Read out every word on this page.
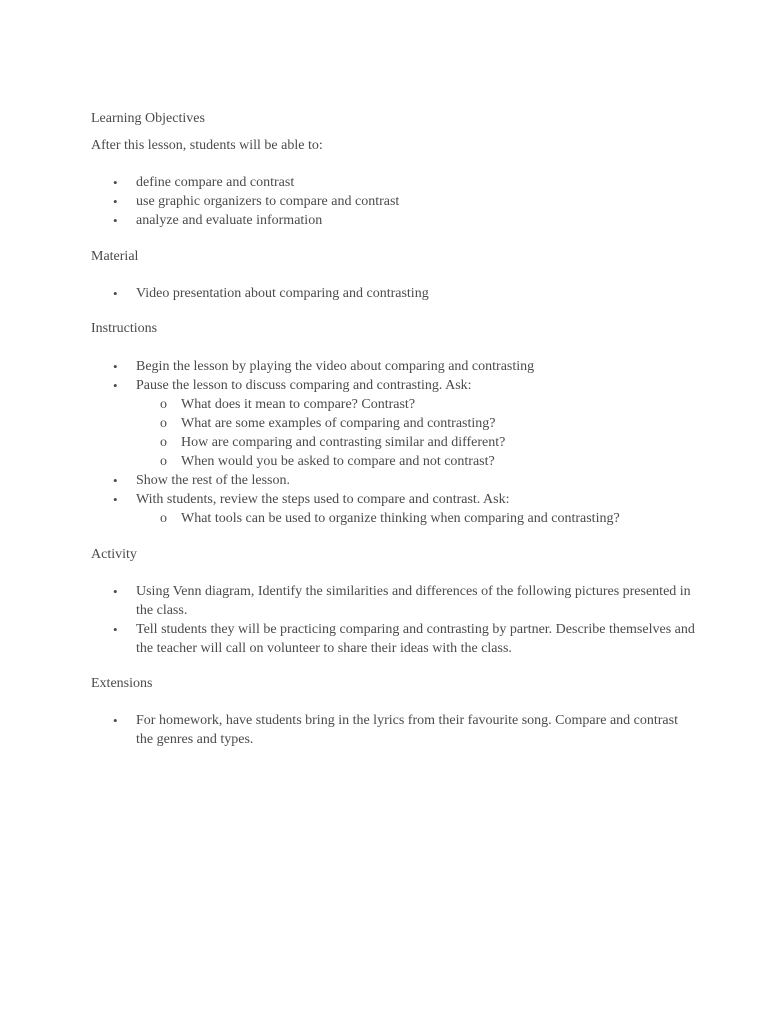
Learning Objectives
After this lesson, students will be able to:
• define compare and contrast
• use graphic organizers to compare and contrast
• analyze and evaluate information
Material
• Video presentation about comparing and contrasting
Instructions
• Begin the lesson by playing the video about comparing and contrasting
• Pause the lesson to discuss comparing and contrasting. Ask:
o What does it mean to compare? Contrast?
o What are some examples of comparing and contrasting?
o How are comparing and contrasting similar and different?
o When would you be asked to compare and not contrast?
• Show the rest of the lesson.
• With students, review the steps used to compare and contrast. Ask:
o What tools can be used to organize thinking when comparing and contrasting?
Activity
• Using Venn diagram, Identify the similarities and differences of the following pictures presented in the class.
• Tell students they will be practicing comparing and contrasting by partner. Describe themselves and the teacher will call on volunteer to share their ideas with the class.
Extensions
• For homework, have students bring in the lyrics from their favourite song. Compare and contrast the genres and types.
